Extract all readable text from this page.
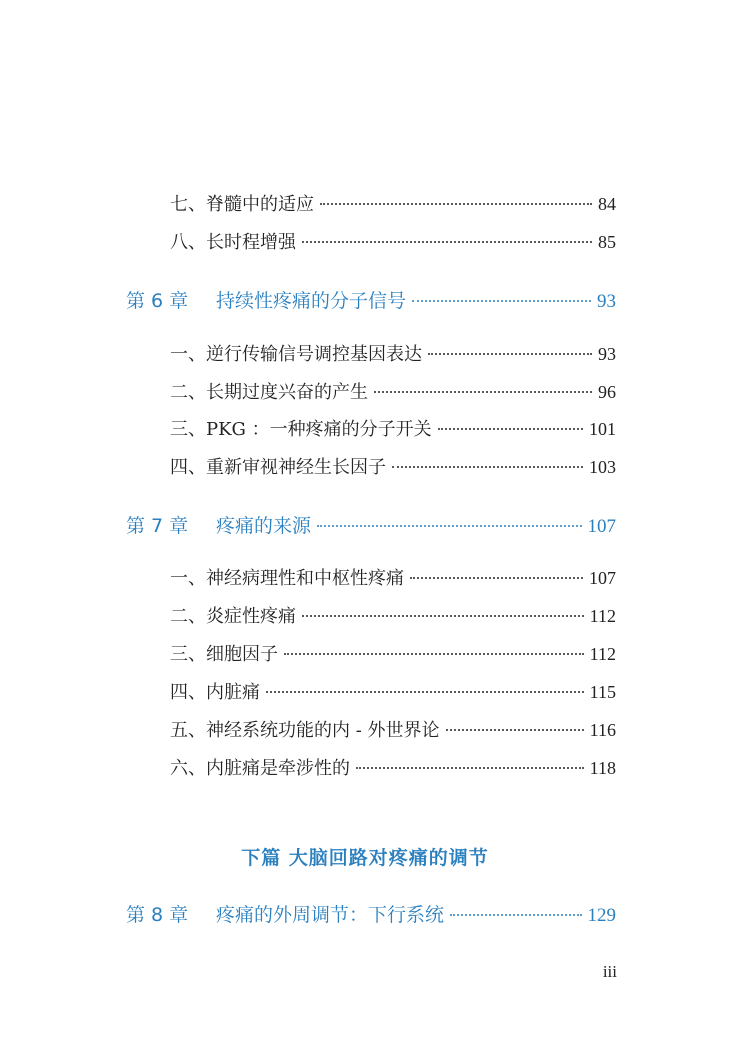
七、脊髓中的适应	84
八、长时程增强	85
第 6 章	持续性疼痛的分子信号	93
一、逆行传输信号调控基因表达	93
二、长期过度兴奋的产生	96
三、PKG ：一种疼痛的分子开关	101
四、重新审视神经生长因子	103
第 7 章	疼痛的来源	107
一、神经病理性和中枢性疼痛	107
二、炎症性疼痛	112
三、细胞因子	112
四、内脏痛	115
五、神经系统功能的内 - 外世界论	116
六、内脏痛是牵涉性的	118
下篇 大脑回路对疼痛的调节
第 8 章	疼痛的外周调节：下行系统	129
iii
